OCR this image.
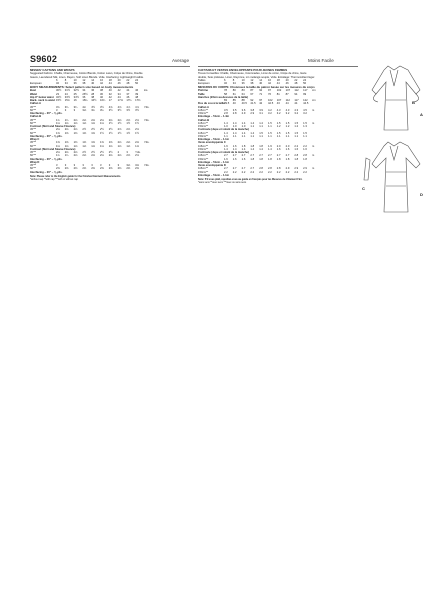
S9602	Average	Moins Facile
MISSES' CAFTANS AND WRAPS
Suggested Fabrics: Challis, Charmeuse, Cotton Blends, Cotton Lawn, Crêpe de Chine, Double
Gauze, Laundered Silk, Linen, Rayon, Soft Linen Blends. Voile. Interfacing: Lightweight Fusible.
6	8	10	12	14	16	18	20	22	24
European	32	34	36	38	40	42	44	46	48	50
BODY MEASUREMENTS: Select pattern size based on body measurements
Bust	30½	31½	32½	34	36	38	40	42	44	46	ins.
Waist	23	24	25	26½	28	30	32	34	37	39
Hip 9" below waist 32½	33½	34½	36	38	40	42	44	46	48
Back- neck to waist 15½	15¾	16	16¼	16½	16¾	17	17⅛	17¼	17⅜
Caftan A
45"**	3¾	3¾	3¾	4¼	4½	4½	4⅝	4⅝	4⅞	4⅞	Yds.
60"**	3	3	3	3⅛	3¼	3¼	3½	3½	3½	3½
Interfacing – 20" – ⅜ yds.
Caftan B
45"**	1¾	1¾	2⅛	2⅛	2⅛	2⅛	2⅛	2⅛	2⅝	2⅝	Yds.
60"**	1⅛	1⅛	1⅛	1⅛	1⅛	1⅛	1½	1½	1½	1½
Contrast (Skirt and Sleeve Flounce)
45"**	2⅛	2⅛	2⅛	2½	2½	2½	2½	2⅝	2⅝	2⅝
60"**	1⅜	1⅜	1⅜	1⅜	1⅜	1½	1½	1½	1½	1½
Interfacing – 20" – ⅜ yds.
Wrap C
45"**	1⅜	1⅜	1⅜	1⅜	1⅜	1⅜	1⅜	2⅛	2⅛	2⅛	Yds.
60"**	1⅛	1⅛	1⅛	1⅛	1⅛	1⅛	1⅛	1⅛	1⅛	1⅛
Contrast (Skirt and Sleeve Flounce)
45"**	2⅛	2⅛	2⅛	2½	2½	2½	2½	2	3	Yds.
60"**	1¾	1¾	2⅛	2⅛	2⅛	2⅛	2⅛	2⅛	2⅝	2⅝
Interfacing – 20" – ⅜ yds.
Wrap D
45"**	3	3	3	3	3	3	3	3	3⅛	3⅛	Yds.
60"**	2⅜	2⅜	2⅜	2⅜	2⅜	2⅜	2⅜	2⅜	2⅜	2⅜
Interfacing – 20" – ⅜ yds.
Note: Please refer to the English guide for the Finished Garment Measurements.
*without nap **with nap ***with or without nap
CAFTANS ET VESTES ENVELOPPANTE POUR JEUNES FEMMES
Tissus Conseillés: Challis, Charmeuse, Cotonnades, Linon de coton, Crêpe de chine, Gaze
double, Soie prélavée, Linen, Rayonne, Lin mélangé souple, Voile. Entoilage: Thermocollant léger.
Tailles	6	8	10	12	14	16	18	20	22	24
Européen	32	34	36	38	40	42	44	46	48	50
MESURES DU CORPS: Choisissez la taille du patron basée sur les mesures du corps
Poitrine	78	80	83	87	92	97	102	107	112	117	cm
Taille	58	61	64	67	71	76	81	87	94	99
Hanches (23cm au-dessous de la taille)
83	85	88	92	97	102	107	112	117	122	cm
Dos du cou à la taille 39.5	40	40.5	41.5	42	42.5	43	44	44	44.5
Caftan A
115cm**	3.5	3.5	3.6	3.8	3.9	4.2	4.3	4.3	4.3	4.5	m
150cm**	2.8	2.8	2.9	2.9	3.1	3.2	3.2	3.2	3.2	3.2
Entoilage – 51cm – 1.4m
Caftan B
115cm**	1.4	1.4	1.4	1.4	1.4	1.5	1.5	1.5	1.5	1.5	m
150cm**	1.0	1.0	1.0	1.1	1.1	1.1	1.2	1.2	1.2	1.3
Contraste (Jupe et volant de la manche)
115cm**	1.4	1.4	1.4	1.4	1.5	1.5	1.5	1.5	1.5	1.5
150cm**	1.1	1.1	1.1	1.1	1.1	1.1	1.1	1.1	1.1	1.1
Entoilage – 51cm – 1.1m
Veste enveloppante C
115cm**	1.6	1.6	1.8	1.8	1.8	1.9	2.0	2.0	2.2	2.2	m
150cm**	1.4	1.4	1.4	1.4	1.4	1.4	1.6	1.6	1.6	1.6
Contraste (Jupe et volant de la manche)
115cm**	2.7	2.7	2.7	2.7	2.7	2.7	2.7	2.7	2.8	2.8	m
150cm**	1.6	1.6	1.6	1.8	1.8	1.8	1.8	1.8	1.8	1.8
Entoilage – 51cm – 1.1m
Veste enveloppante D
115cm**	2.7	2.7	2.7	2.7	2.8	2.8	2.8	2.9	2.9	2.9	m
150cm**	2.2	2.2	2.2	2.2	2.2	2.2	2.2	2.2	2.2	2.2
Entoilage – 51cm – 1.1m
Note: S'il vous plaît, repotliez-vous au guide en français pour les Mesures du Vêtement Fini.
*sans sens **avec sens ***avec ou sans sens
B
A
C
D
